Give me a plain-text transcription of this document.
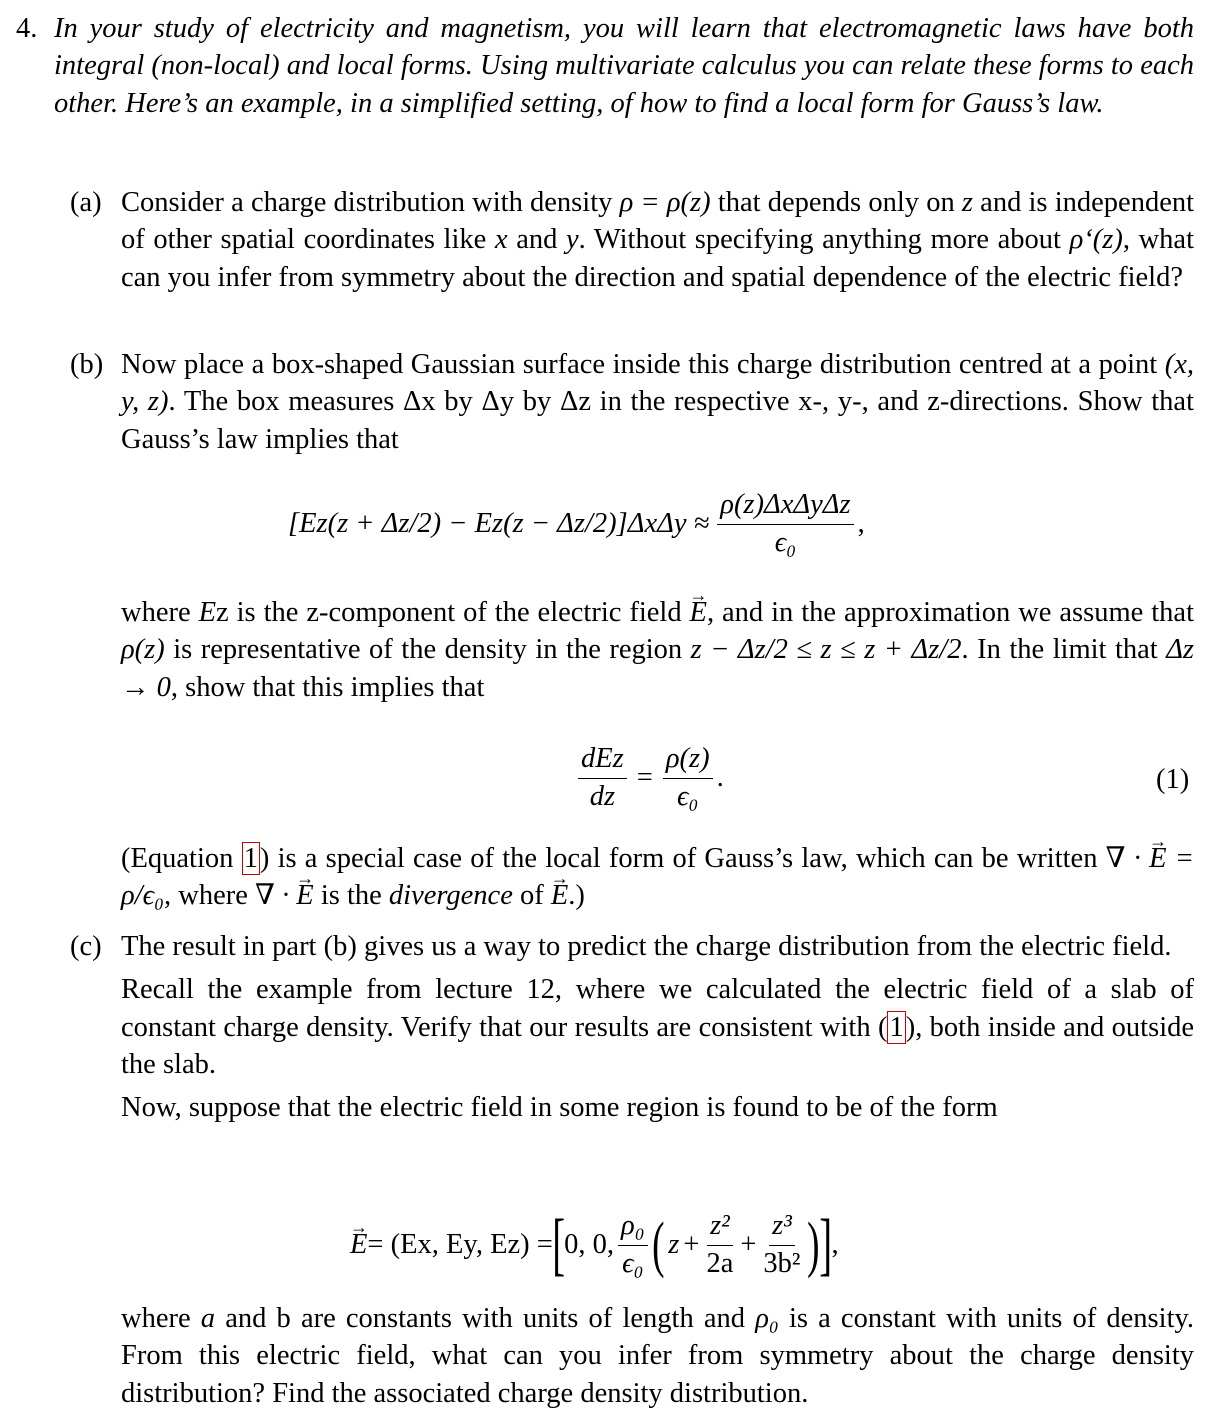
4. In your study of electricity and magnetism, you will learn that electromagnetic laws have both integral (non-local) and local forms. Using multivariate calculus you can relate these forms to each other. Here’s an example, in a simplified setting, of how to find a local form for Gauss’s law.
(a) Consider a charge distribution with density ρ = ρ(z) that depends only on z and is independent of other spatial coordinates like x and y. Without specifying anything more about ρ‘(z), what can you infer from symmetry about the direction and spatial dependence of the electric field?
(b) Now place a box-shaped Gaussian surface inside this charge distribution centred at a point (x, y, z). The box measures Δx by Δy by Δz in the respective x-, y-, and z-directions. Show that Gauss’s law implies that
$[Ez(z + \Delta z/2) - Ez(z - \Delta z/2)]\Delta x\Delta y \approx \frac{\text{ρ(z)ΔxΔyΔz}}{\text{ϵ₀}}$ ,
where Ez is the z-component of the electric field → E, and in the approximation we assume that ρ(z) is representative of the density in the region z − Δz/2 ≤ z ≤ z + Δz/2. In the limit that Δz → 0, show that this implies that
$\frac{\text{dEz}}{dz} = \frac{\rho(z)}{\text{ϵ₀}}$ .	(1)
(Equation 1) is a special case of the local form of Gauss’s law, which can be written ∇ · → E = ρ/ϵ₀, where ∇ · → E is the divergence of → E.)
(c) The result in part (b) gives us a way to predict the charge distribution from the electric field.

Recall the example from lecture 12, where we calculated the electric field of a slab of constant charge density. Verify that our results are consistent with (1), both inside and outside the slab.

Now, suppose that the electric field in some region is found to be of the form

→ E = (Ex, Ey, Ez) = [ 0, 0, $\frac{\text{ρ₀}}{\text{ϵ₀}}$ ( $z + \frac{\text{z²}}{2a} + \frac{\text{z³}}{\text{3b²}}$ ) ] ,
where a and b are constants with units of length and ρ₀ is a constant with units of density. From this electric field, what can you infer from symmetry about the charge density distribution? Find the associated charge density distribution.
